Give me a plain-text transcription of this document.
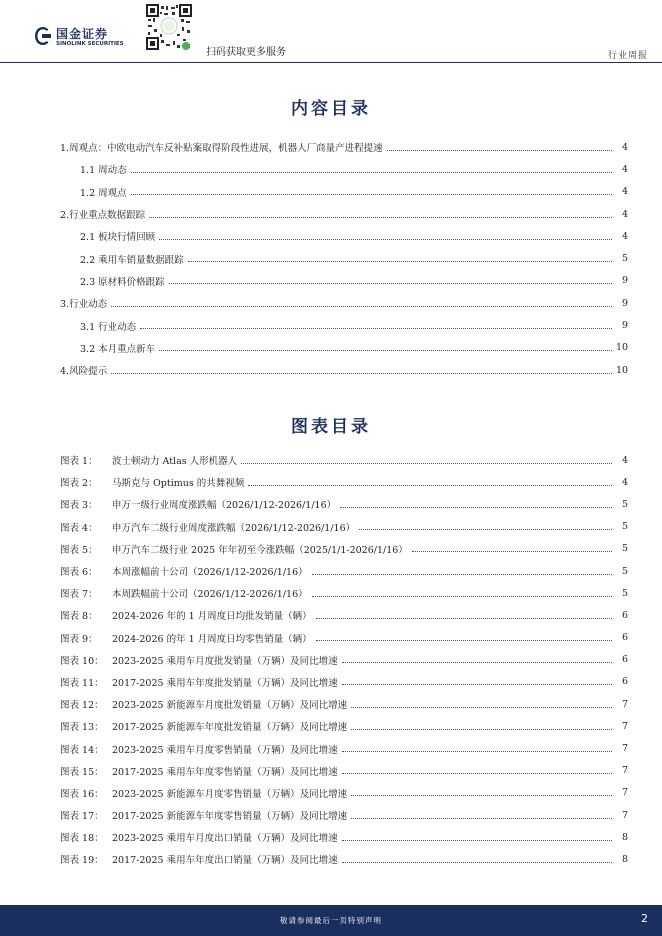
国金证券
SINOLINK SECURITIES
扫码获取更多服务	行业周报
内容目录
1.周观点：中欧电动汽车反补贴案取得阶段性进展，机器人厂商量产进程提速	4
1.1 周动态	4
1.2 周观点	4
2.行业重点数据跟踪	4
2.1 板块行情回顾	4
2.2 乘用车销量数据跟踪	5
2.3 原材料价格跟踪	9
3.行业动态	9
3.1 行业动态	9
3.2 本月重点新车	10
4.风险提示	10
图表目录
图表 1：	波士顿动力 Atlas 人形机器人	4
图表 2：	马斯克与 Optimus 的共舞视频	4
图表 3：	申万一级行业周度涨跌幅（2026/1/12-2026/1/16）	5
图表 4：	申万汽车二级行业周度涨跌幅（2026/1/12-2026/1/16）	5
图表 5：	申万汽车二级行业 2025 年年初至今涨跌幅（2025/1/1-2026/1/16）	5
图表 6：	本周涨幅前十公司（2026/1/12-2026/1/16）	5
图表 7：	本周跌幅前十公司（2026/1/12-2026/1/16）	5
图表 8：	2024-2026 年的 1 月周度日均批发销量（辆）	6
图表 9：	2024-2026 的年 1 月周度日均零售销量（辆）	6
图表 10： 2023-2025 乘用车月度批发销量（万辆）及同比增速	6
图表 11： 2017-2025 乘用车年度批发销量（万辆）及同比增速	6
图表 12： 2023-2025 新能源车月度批发销量（万辆）及同比增速	7
图表 13： 2017-2025 新能源车年度批发销量（万辆）及同比增速	7
图表 14： 2023-2025 乘用车月度零售销量（万辆）及同比增速	7
图表 15： 2017-2025 乘用车年度零售销量（万辆）及同比增速	7
图表 16： 2023-2025 新能源车月度零售销量（万辆）及同比增速	7
图表 17： 2017-2025 新能源车年度零售销量（万辆）及同比增速	7
图表 18： 2023-2025 乘用车月度出口销量（万辆）及同比增速	8
图表 19： 2017-2025 乘用车年度出口销量（万辆）及同比增速	8
敬请参阅最后一页特别声明	2
